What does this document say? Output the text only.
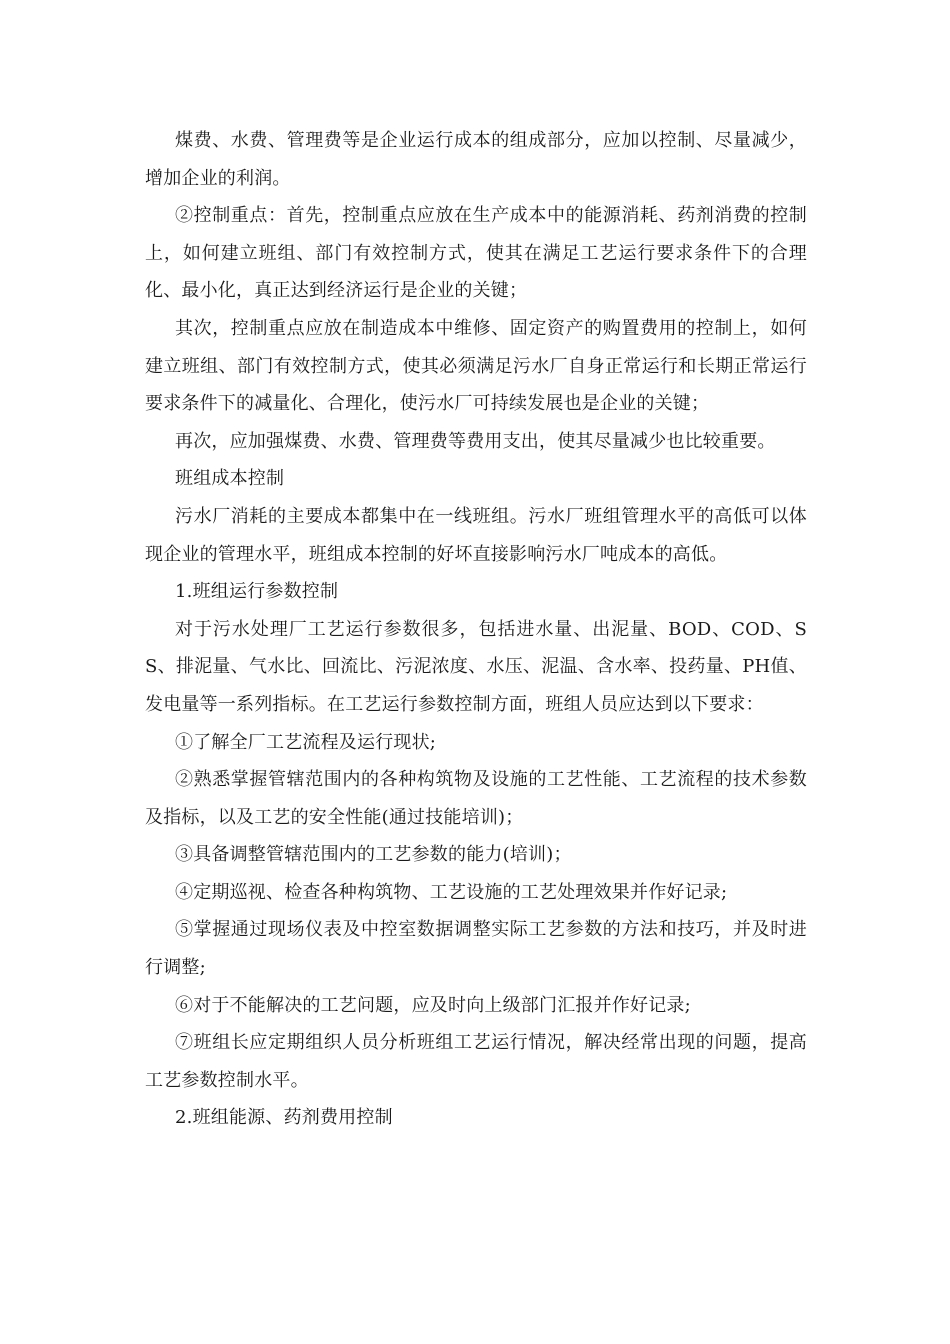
煤费、水费、管理费等是企业运行成本的组成部分，应加以控制、尽量减少，增加企业的利润。

②控制重点：首先，控制重点应放在生产成本中的能源消耗、药剂消费的控制上，如何建立班组、部门有效控制方式，使其在满足工艺运行要求条件下的合理化、最小化，真正达到经济运行是企业的关键；

其次，控制重点应放在制造成本中维修、固定资产的购置费用的控制上，如何建立班组、部门有效控制方式，使其必须满足污水厂自身正常运行和长期正常运行要求条件下的减量化、合理化，使污水厂可持续发展也是企业的关键；

再次，应加强煤费、水费、管理费等费用支出，使其尽量减少也比较重要。

班组成本控制

污水厂消耗的主要成本都集中在一线班组。污水厂班组管理水平的高低可以体现企业的管理水平，班组成本控制的好坏直接影响污水厂吨成本的高低。

1.班组运行参数控制

对于污水处理厂工艺运行参数很多，包括进水量、出泥量、BOD、COD、SS、排泥量、气水比、回流比、污泥浓度、水压、泥温、含水率、投药量、PH值、发电量等一系列指标。在工艺运行参数控制方面，班组人员应达到以下要求：

①了解全厂工艺流程及运行现状;

②熟悉掌握管辖范围内的各种构筑物及设施的工艺性能、工艺流程的技术参数及指标，以及工艺的安全性能(通过技能培训)；

③具备调整管辖范围内的工艺参数的能力(培训)；

④定期巡视、检查各种构筑物、工艺设施的工艺处理效果并作好记录;

⑤掌握通过现场仪表及中控室数据调整实际工艺参数的方法和技巧，并及时进行调整;

⑥对于不能解决的工艺问题，应及时向上级部门汇报并作好记录;

⑦班组长应定期组织人员分析班组工艺运行情况，解决经常出现的问题，提高工艺参数控制水平。

2.班组能源、药剂费用控制
